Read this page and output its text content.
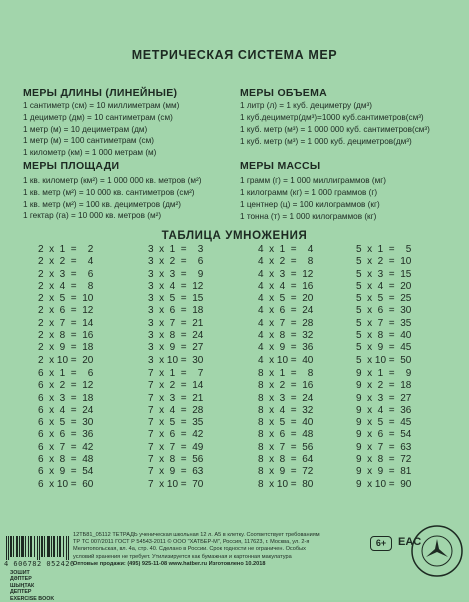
МЕТРИЧЕСКАЯ СИСТЕМА МЕР
МЕРЫ ДЛИНЫ (ЛИНЕЙНЫЕ)
1 сантиметр (см) = 10 миллиметрам (мм)
1 дециметр (дм) = 10 сантиметрам (см)
1 метр (м) = 10 дециметрам (дм)
1 метр (м) = 100 сантиметрам (см)
1 километр (км) = 1 000 метрам (м)
МЕРЫ ОБЪЕМА
1 литр (л) = 1 куб. дециметру (дм³)
1 куб.дециметр(дм³)=1000 куб.сантиметров(см³)
1 куб. метр (м³) = 1 000 000 куб. сантиметров(см³)
1 куб. метр (м³) = 1 000 куб. дециметров(дм³)
МЕРЫ ПЛОЩАДИ
1 кв. километр (км²) = 1 000 000 кв. метров (м²)
1 кв. метр (м²) = 10 000 кв. сантиметров (см²)
1 кв. метр (м²) = 100 кв. дециметров (дм²)
1 гектар (га) = 10 000 кв. метров (м²)
МЕРЫ МАССЫ
1 грамм (г) = 1 000 миллиграммов (мг)
1 килограмм (кг) = 1 000 граммов (г)
1 центнер (ц) = 100 килограммов (кг)
1 тонна (т) = 1 000 килограммов (кг)
ТАБЛИЦА УМНОЖЕНИЯ
2  x  1  =    2
2  x  2  =    4
2  x  3  =    6
2  x  4  =    8
2  x  5  =  10
2  x  6  =  12
2  x  7  =  14
2  x  8  =  16
2  x  9  =  18
2  x 10 =  20
3  x  1  =    3
3  x  2  =    6
3  x  3  =    9
3  x  4  =  12
3  x  5  =  15
3  x  6  =  18
3  x  7  =  21
3  x  8  =  24
3  x  9  =  27
3  x 10 =  30
4  x  1  =    4
4  x  2  =    8
4  x  3  =  12
4  x  4  =  16
4  x  5  =  20
4  x  6  =  24
4  x  7  =  28
4  x  8  =  32
4  x  9  =  36
4  x 10 =  40
5  x  1  =    5
5  x  2  =  10
5  x  3  =  15
5  x  4  =  20
5  x  5  =  25
5  x  6  =  30
5  x  7  =  35
5  x  8  =  40
5  x  9  =  45
5  x 10 =  50
6  x  1  =    6
6  x  2  =  12
6  x  3  =  18
6  x  4  =  24
6  x  5  =  30
6  x  6  =  36
6  x  7  =  42
6  x  8  =  48
6  x  9  =  54
6  x 10 =  60
7  x  1  =    7
7  x  2  =  14
7  x  3  =  21
7  x  4  =  28
7  x  5  =  35
7  x  6  =  42
7  x  7  =  49
7  x  8  =  56
7  x  9  =  63
7  x 10 =  70
8  x  1  =    8
8  x  2  =  16
8  x  3  =  24
8  x  4  =  32
8  x  5  =  40
8  x  6  =  48
8  x  7  =  56
8  x  8  =  64
8  x  9  =  72
8  x 10 =  80
9  x  1  =    9
9  x  2  =  18
9  x  3  =  27
9  x  4  =  36
9  x  5  =  45
9  x  6  =  54
9  x  7  =  63
9  x  8  =  72
9  x  9  =  81
9  x 10 =  90
4 606782 052426
12ТБ81_05112 ТЕТРАДЬ ученическая школьная 12 л. А5 в клетку. Соответствует требованиям ТР ТС 007/2011 ГОСТ Р 54543-2011 © ООО "ХАТБЕР-М", Россия, 117623, г. Москва, ул. 2-я Мелитопольская, вл. 4а, стр. 40. Сделано в России. Срок годности не ограничен. Особых условий хранения не требует. Утилизируется как бумажная и картонная макулатура
Оптовые продажи: (495) 925-11-08 www.hatber.ru Изготовлено 10.2018
6+	EAC
ЗОШИТ
ДӘПТЕР
ШЫҢТАК
ДЕПТЕР
EXERCISE BOOK
